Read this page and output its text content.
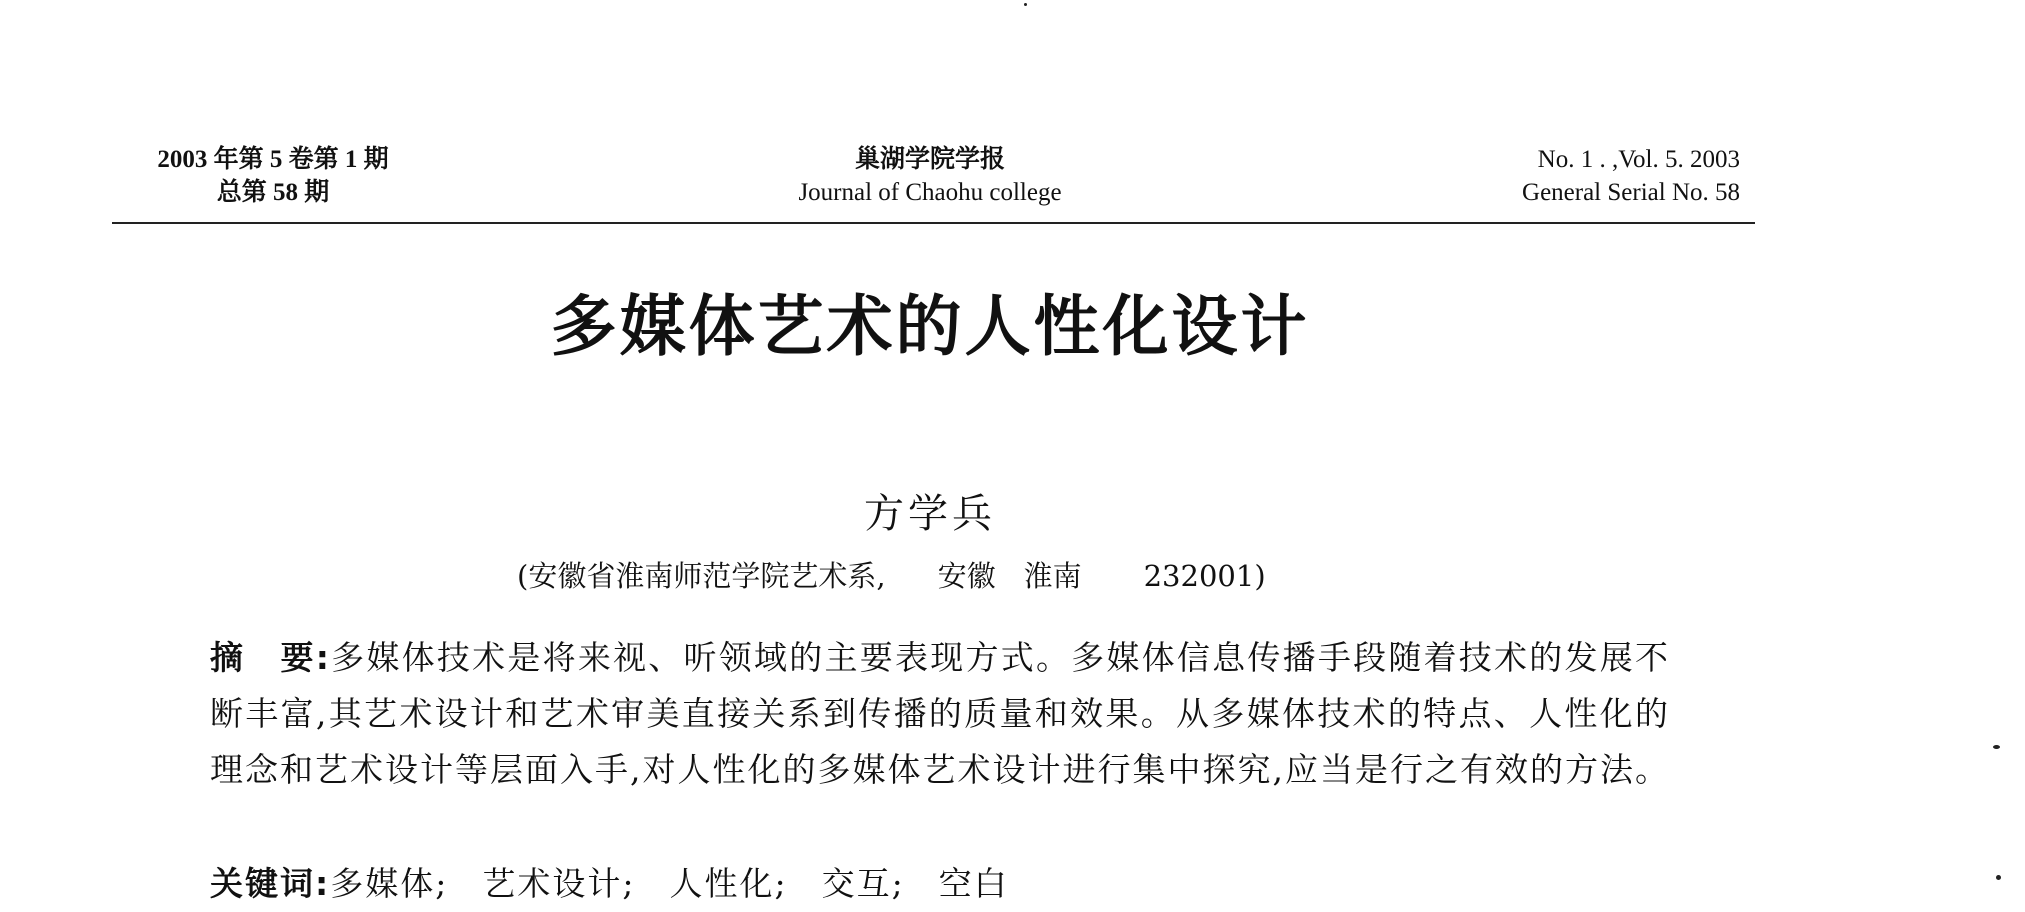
2003 年第 5 卷第 1 期
总第 58 期
巢湖学院学报
Journal of Chaohu college
No. 1 . ,Vol. 5. 2003
General Serial No. 58
多媒体艺术的人性化设计
方学兵
(安徽省淮南师范学院艺术系, 安徽 淮南 232001)
摘　要:多媒体技术是将来视、听领域的主要表现方式。多媒体信息传播手段随着技术的发展不断丰富,其艺术设计和艺术审美直接关系到传播的质量和效果。从多媒体技术的特点、人性化的理念和艺术设计等层面入手,对人性化的多媒体艺术设计进行集中探究,应当是行之有效的方法。
关键词:多媒体; 艺术设计; 人性化; 交互; 空白
